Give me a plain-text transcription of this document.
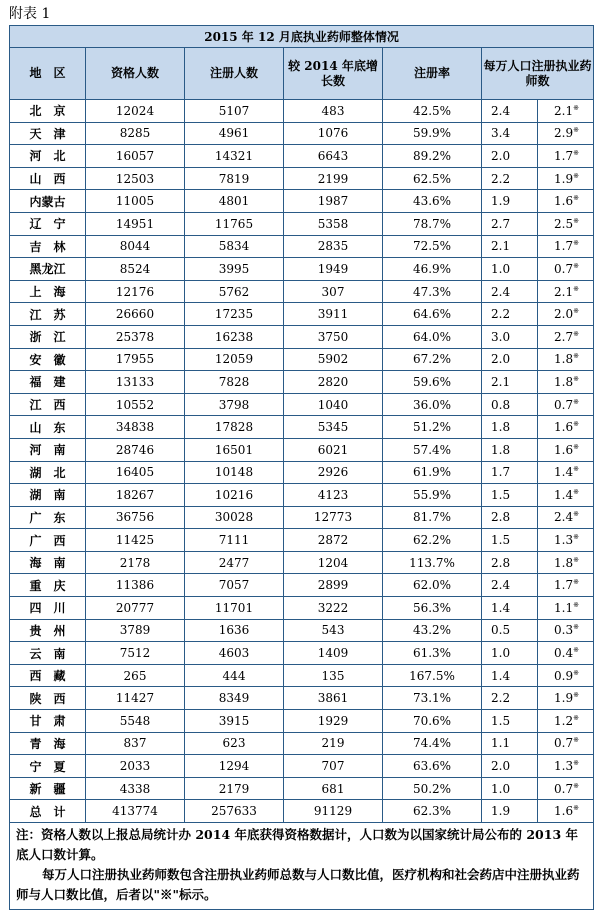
附表 1
2015 年 12 月底执业药师整体情况						
地　区	资格人数	注册人数	较 2014 年底增长数	注册率	每万人口注册执业药师数	
北　京	12024	5107	483	42.5%	2.4	2.1※
天　津	8285	4961	1076	59.9%	3.4	2.9※
河　北	16057	14321	6643	89.2%	2.0	1.7※
山　西	12503	7819	2199	62.5%	2.2	1.9※
内蒙古	11005	4801	1987	43.6%	1.9	1.6※
辽　宁	14951	11765	5358	78.7%	2.7	2.5※
吉　林	8044	5834	2835	72.5%	2.1	1.7※
黑龙江	8524	3995	1949	46.9%	1.0	0.7※
上　海	12176	5762	307	47.3%	2.4	2.1※
江　苏	26660	17235	3911	64.6%	2.2	2.0※
浙　江	25378	16238	3750	64.0%	3.0	2.7※
安　徽	17955	12059	5902	67.2%	2.0	1.8※
福　建	13133	7828	2820	59.6%	2.1	1.8※
江　西	10552	3798	1040	36.0%	0.8	0.7※
山　东	34838	17828	5345	51.2%	1.8	1.6※
河　南	28746	16501	6021	57.4%	1.8	1.6※
湖　北	16405	10148	2926	61.9%	1.7	1.4※
湖　南	18267	10216	4123	55.9%	1.5	1.4※
广　东	36756	30028	12773	81.7%	2.8	2.4※
广　西	11425	7111	2872	62.2%	1.5	1.3※
海　南	2178	2477	1204	113.7%	2.8	1.8※
重　庆	11386	7057	2899	62.0%	2.4	1.7※
四　川	20777	11701	3222	56.3%	1.4	1.1※
贵　州	3789	1636	543	43.2%	0.5	0.3※
云　南	7512	4603	1409	61.3%	1.0	0.4※
西　藏	265	444	135	167.5%	1.4	0.9※
陕　西	11427	8349	3861	73.1%	2.2	1.9※
甘　肃	5548	3915	1929	70.6%	1.5	1.2※
青　海	837	623	219	74.4%	1.1	0.7※
宁　夏	2033	1294	707	63.6%	2.0	1.3※
新　疆	4338	2179	681	50.2%	1.0	0.7※
总　计	413774	257633	91129	62.3%	1.9	1.6※

注：资格人数以上报总局统计办 2014 年底获得资格数据计，人口数为以国家统计局公布的 2013 年底人口数计算。
每万人口注册执业药师数包含注册执业药师总数与人口数比值，医疗机构和社会药店中注册执业药师与人口数比值，后者以"※"标示。						
